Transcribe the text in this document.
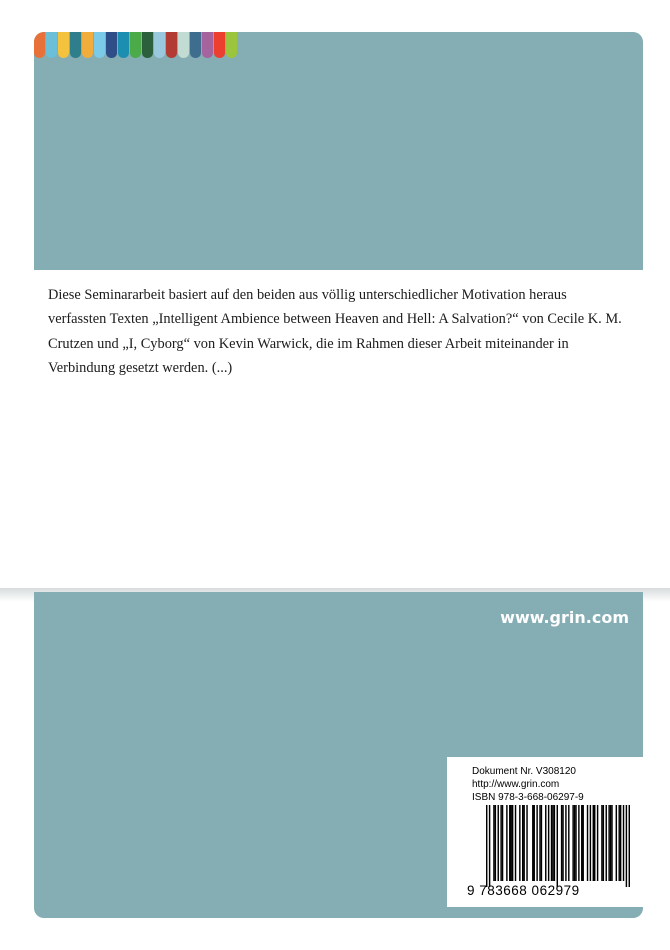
Diese Seminararbeit basiert auf den beiden aus völlig unterschiedlicher Motivation heraus verfassten Texten „Intelligent Ambience between Heaven and Hell: A Salvation?“ von Cecile K. M. Crutzen und „I, Cyborg“ von Kevin Warwick, die im Rahmen dieser Arbeit miteinander in Verbindung gesetzt werden. (...)

www.grin.com
Dokument Nr. V308120
http://www.grin.com
ISBN 978-3-668-06297-9
9 783668 062979
